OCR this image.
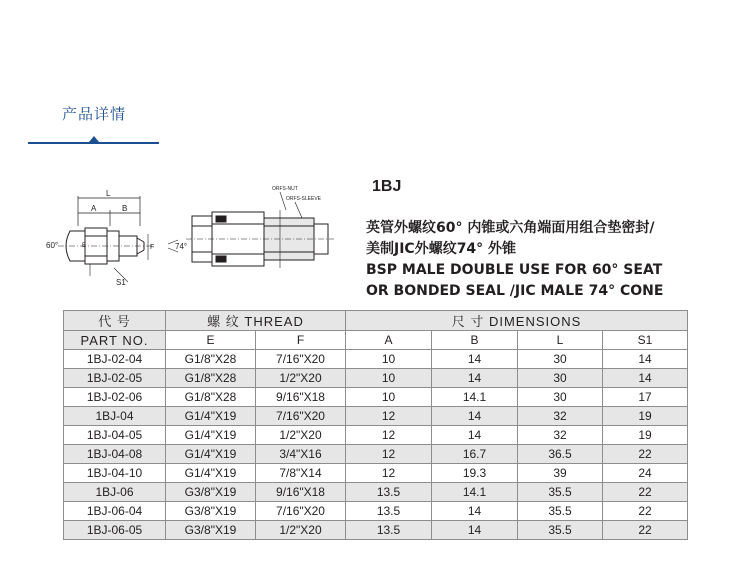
产品详情
L
A	B
60°	E	F	74°
S1
ORFS-NUT
ORFS-SLEEVE
1BJ
英管外螺纹60° 内锥或六角端面用组合垫密封/
美制JIC外螺纹74° 外锥
BSP MALE DOUBLE USE FOR 60° SEAT
OR BONDED SEAL /JIC MALE 74° CONE
代 号	螺 纹 THREAD		尺 寸 DIMENSIONS			
PART NO.	E	F	A	B	L	S1
1BJ-02-04	G1/8"X28	7/16"X20	10	14	30	14
1BJ-02-05	G1/8"X28	1/2"X20	10	14	30	14
1BJ-02-06	G1/8"X28	9/16"X18	10	14.1	30	17
1BJ-04	G1/4"X19	7/16"X20	12	14	32	19
1BJ-04-05	G1/4"X19	1/2"X20	12	14	32	19
1BJ-04-08	G1/4"X19	3/4"X16	12	16.7	36.5	22
1BJ-04-10	G1/4"X19	7/8"X14	12	19.3	39	24
1BJ-06	G3/8"X19	9/16"X18	13.5	14.1	35.5	22
1BJ-06-04	G3/8"X19	7/16"X20	13.5	14	35.5	22
1BJ-06-05	G3/8"X19	1/2"X20	13.5	14	35.5	22
